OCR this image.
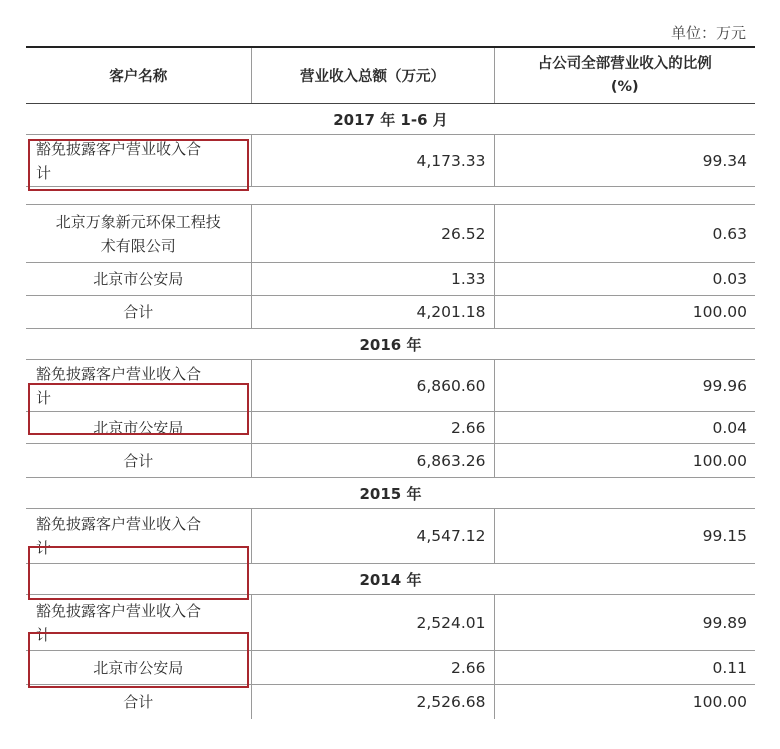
单位：万元
客户名称	营业收入总额（万元）	占公司全部营业收入的比例
(%)
2017 年 1-6 月		
豁免披露客户营业收入合
计	4,173.33	99.34

北京万象新元环保工程技
术有限公司	26.52	0.63
北京市公安局	1.33	0.03
合计	4,201.18	100.00
2016 年		
豁免披露客户营业收入合
计	6,860.60	99.96
北京市公安局	2.66	0.04
合计	6,863.26	100.00
2015 年		
豁免披露客户营业收入合
计	4,547.12	99.15
2014 年		
豁免披露客户营业收入合
计	2,524.01	99.89
北京市公安局	2.66	0.11
合计	2,526.68	100.00
